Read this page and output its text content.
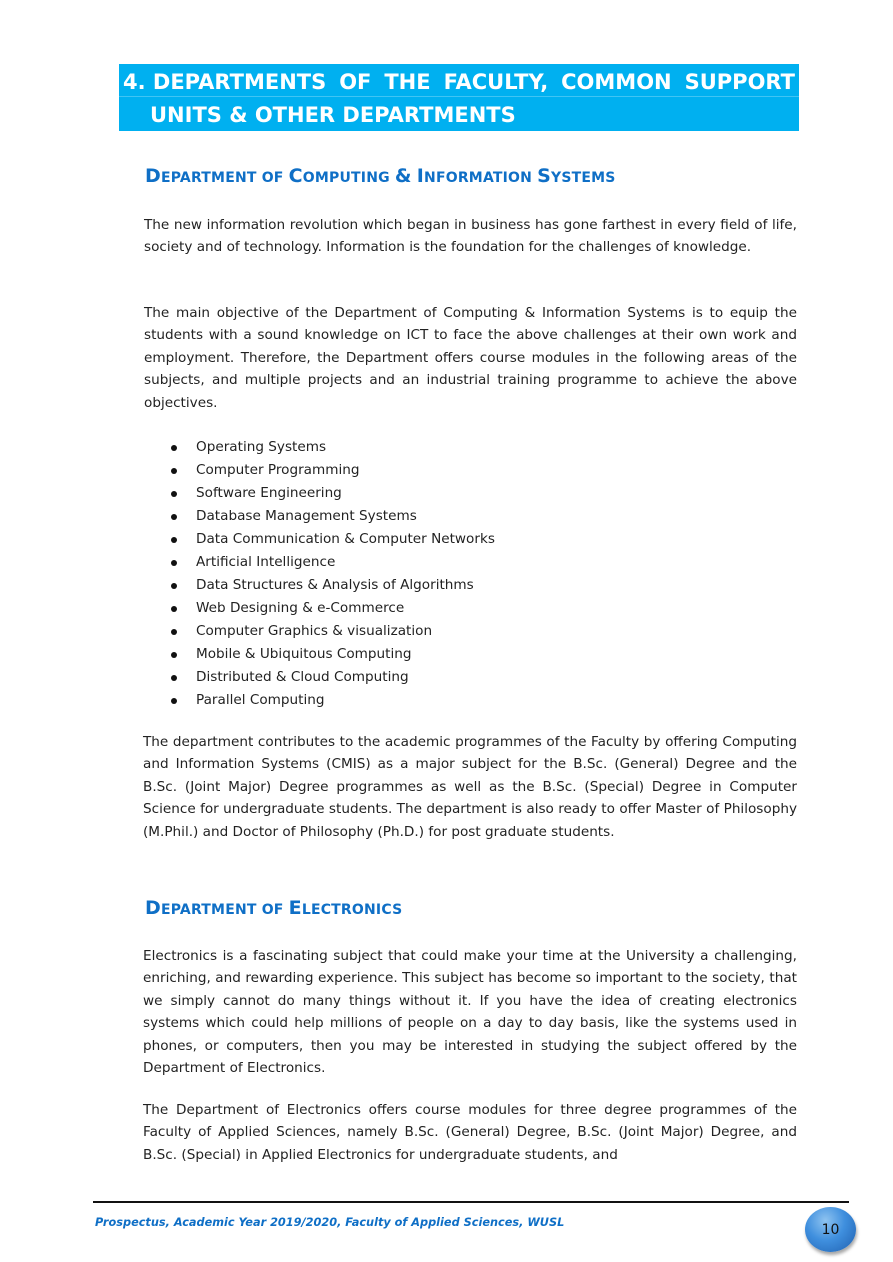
4. DEPARTMENTS OF THE FACULTY, COMMON SUPPORT
UNITS & OTHER DEPARTMENTS
DEPARTMENT OF COMPUTING & INFORMATION SYSTEMS

The new information revolution which began in business has gone farthest in every field of life, society and of technology. Information is the foundation for the challenges of knowledge.

The main objective of the Department of Computing & Information Systems is to equip the students with a sound knowledge on ICT to face the above challenges at their own work and employment. Therefore, the Department offers course modules in the following areas of the subjects, and multiple projects and an industrial training programme to achieve the above objectives.

Operating Systems
Computer Programming
Software Engineering
Database Management Systems
Data Communication & Computer Networks
Artificial Intelligence
Data Structures & Analysis of Algorithms
Web Designing & e-Commerce
Computer Graphics & visualization
Mobile & Ubiquitous Computing
Distributed & Cloud Computing
Parallel Computing

The department contributes to the academic programmes of the Faculty by offering Computing and Information Systems (CMIS) as a major subject for the B.Sc. (General) Degree and the B.Sc. (Joint Major) Degree programmes as well as the B.Sc. (Special) Degree in Computer Science for undergraduate students. The department is also ready to offer Master of Philosophy (M.Phil.) and Doctor of Philosophy (Ph.D.) for post graduate students.

DEPARTMENT OF ELECTRONICS

Electronics is a fascinating subject that could make your time at the University a challenging, enriching, and rewarding experience. This subject has become so important to the society, that we simply cannot do many things without it. If you have the idea of creating electronics systems which could help millions of people on a day to day basis, like the systems used in phones, or computers, then you may be interested in studying the subject offered by the Department of Electronics.

The Department of Electronics offers course modules for three degree programmes of the Faculty of Applied Sciences, namely B.Sc. (General) Degree, B.Sc. (Joint Major) Degree, and B.Sc. (Special) in Applied Electronics for undergraduate students, and

Prospectus, Academic Year 2019/2020, Faculty of Applied Sciences, WUSL	10
